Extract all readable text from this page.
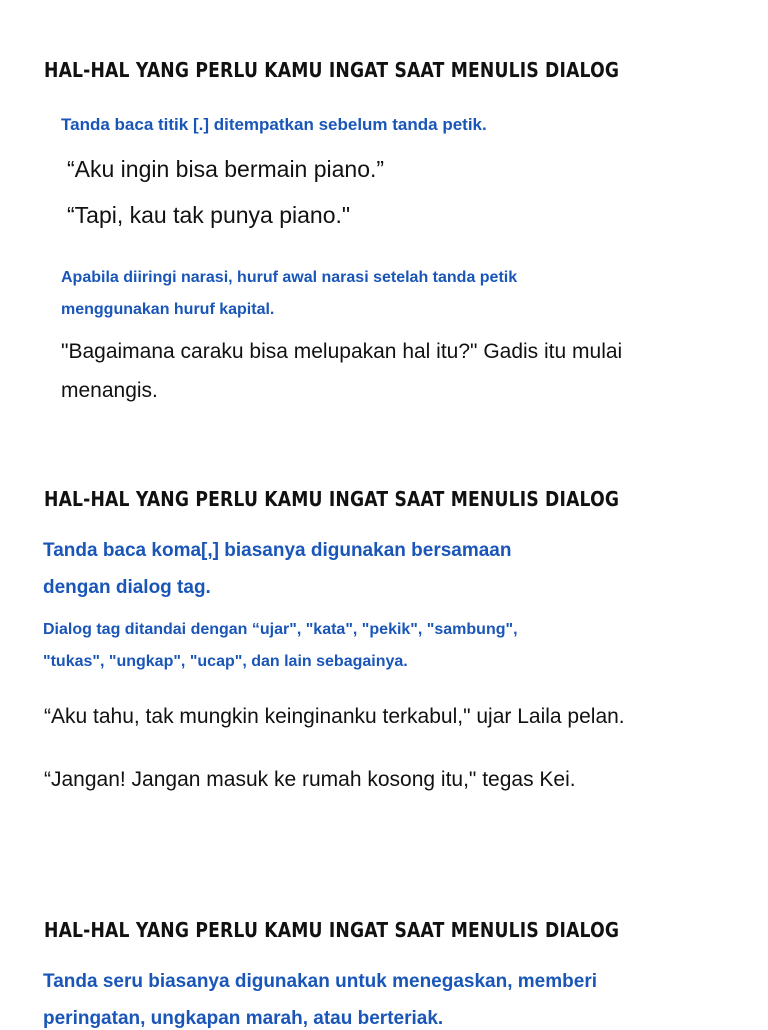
HAL-HAL YANG PERLU KAMU INGAT SAAT MENULIS DIALOG

Tanda baca titik [.] ditempatkan sebelum tanda petik.

“Aku ingin bisa bermain piano.”

“Tapi, kau tak punya piano."

Apabila diiringi narasi, huruf awal narasi setelah tanda petik

menggunakan huruf kapital.

"Bagaimana caraku bisa melupakan hal itu?" Gadis itu mulai

menangis.

HAL-HAL YANG PERLU KAMU INGAT SAAT MENULIS DIALOG

Tanda baca koma[,] biasanya digunakan bersamaan

dengan dialog tag.

Dialog tag ditandai dengan “ujar", "kata", "pekik", "sambung",

"tukas", "ungkap", "ucap", dan lain sebagainya.

“Aku tahu, tak mungkin keinginanku terkabul," ujar Laila pelan.

“Jangan! Jangan masuk ke rumah kosong itu," tegas Kei.

HAL-HAL YANG PERLU KAMU INGAT SAAT MENULIS DIALOG

Tanda seru biasanya digunakan untuk menegaskan, memberi

peringatan, ungkapan marah, atau berteriak.
